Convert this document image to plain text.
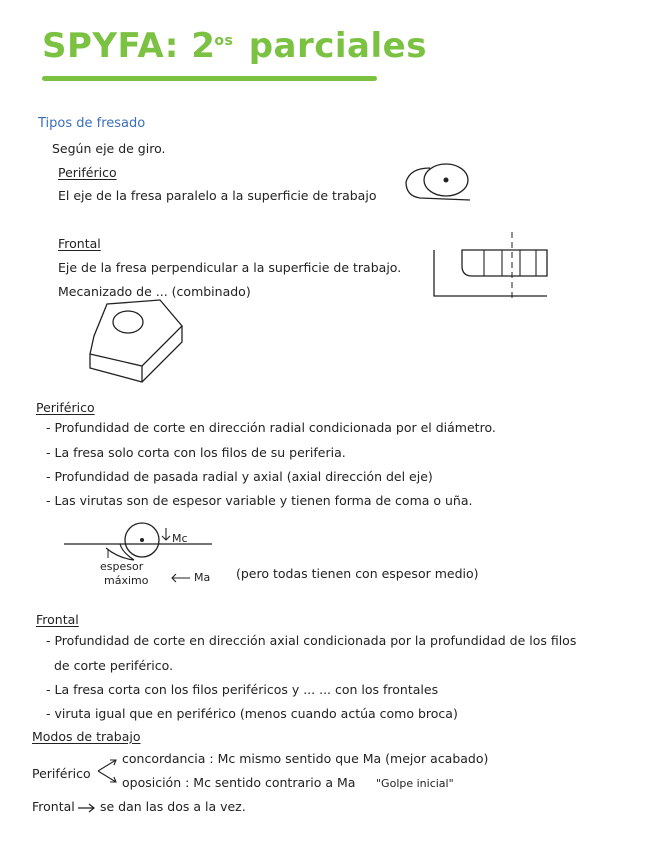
SPYFA: $2^{os}$ parciales
Tipos de fresado
Según eje de giro.
Periférico
El eje de la fresa paralelo a la superficie de trabajo
Frontal
Eje de la fresa perpendicular a la superficie de trabajo.
Mecanizado de ... (combinado)
Periférico
- Profundidad de corte en dirección radial condicionada por el diámetro.
- La fresa solo corta con los filos de su periferia.
- Profundidad de pasada radial y axial (axial dirección del eje)
- Las virutas son de espesor variable y tienen forma de coma o uña.
Mc
espesor
máximo	Ma (pero todas tienen con espesor medio)
Frontal
- Profundidad de corte en dirección axial condicionada por la profundidad de los filos
de corte periférico.
- La fresa corta con los filos periféricos y ... ... con los frontales
- viruta igual que en periférico (menos cuando actúa como broca)
Modos de trabajo
Periférico
concordancia : Mc mismo sentido que Ma (mejor acabado)
oposición : Mc sentido contrario a Ma "Golpe inicial"
Frontal se dan las dos a la vez.
